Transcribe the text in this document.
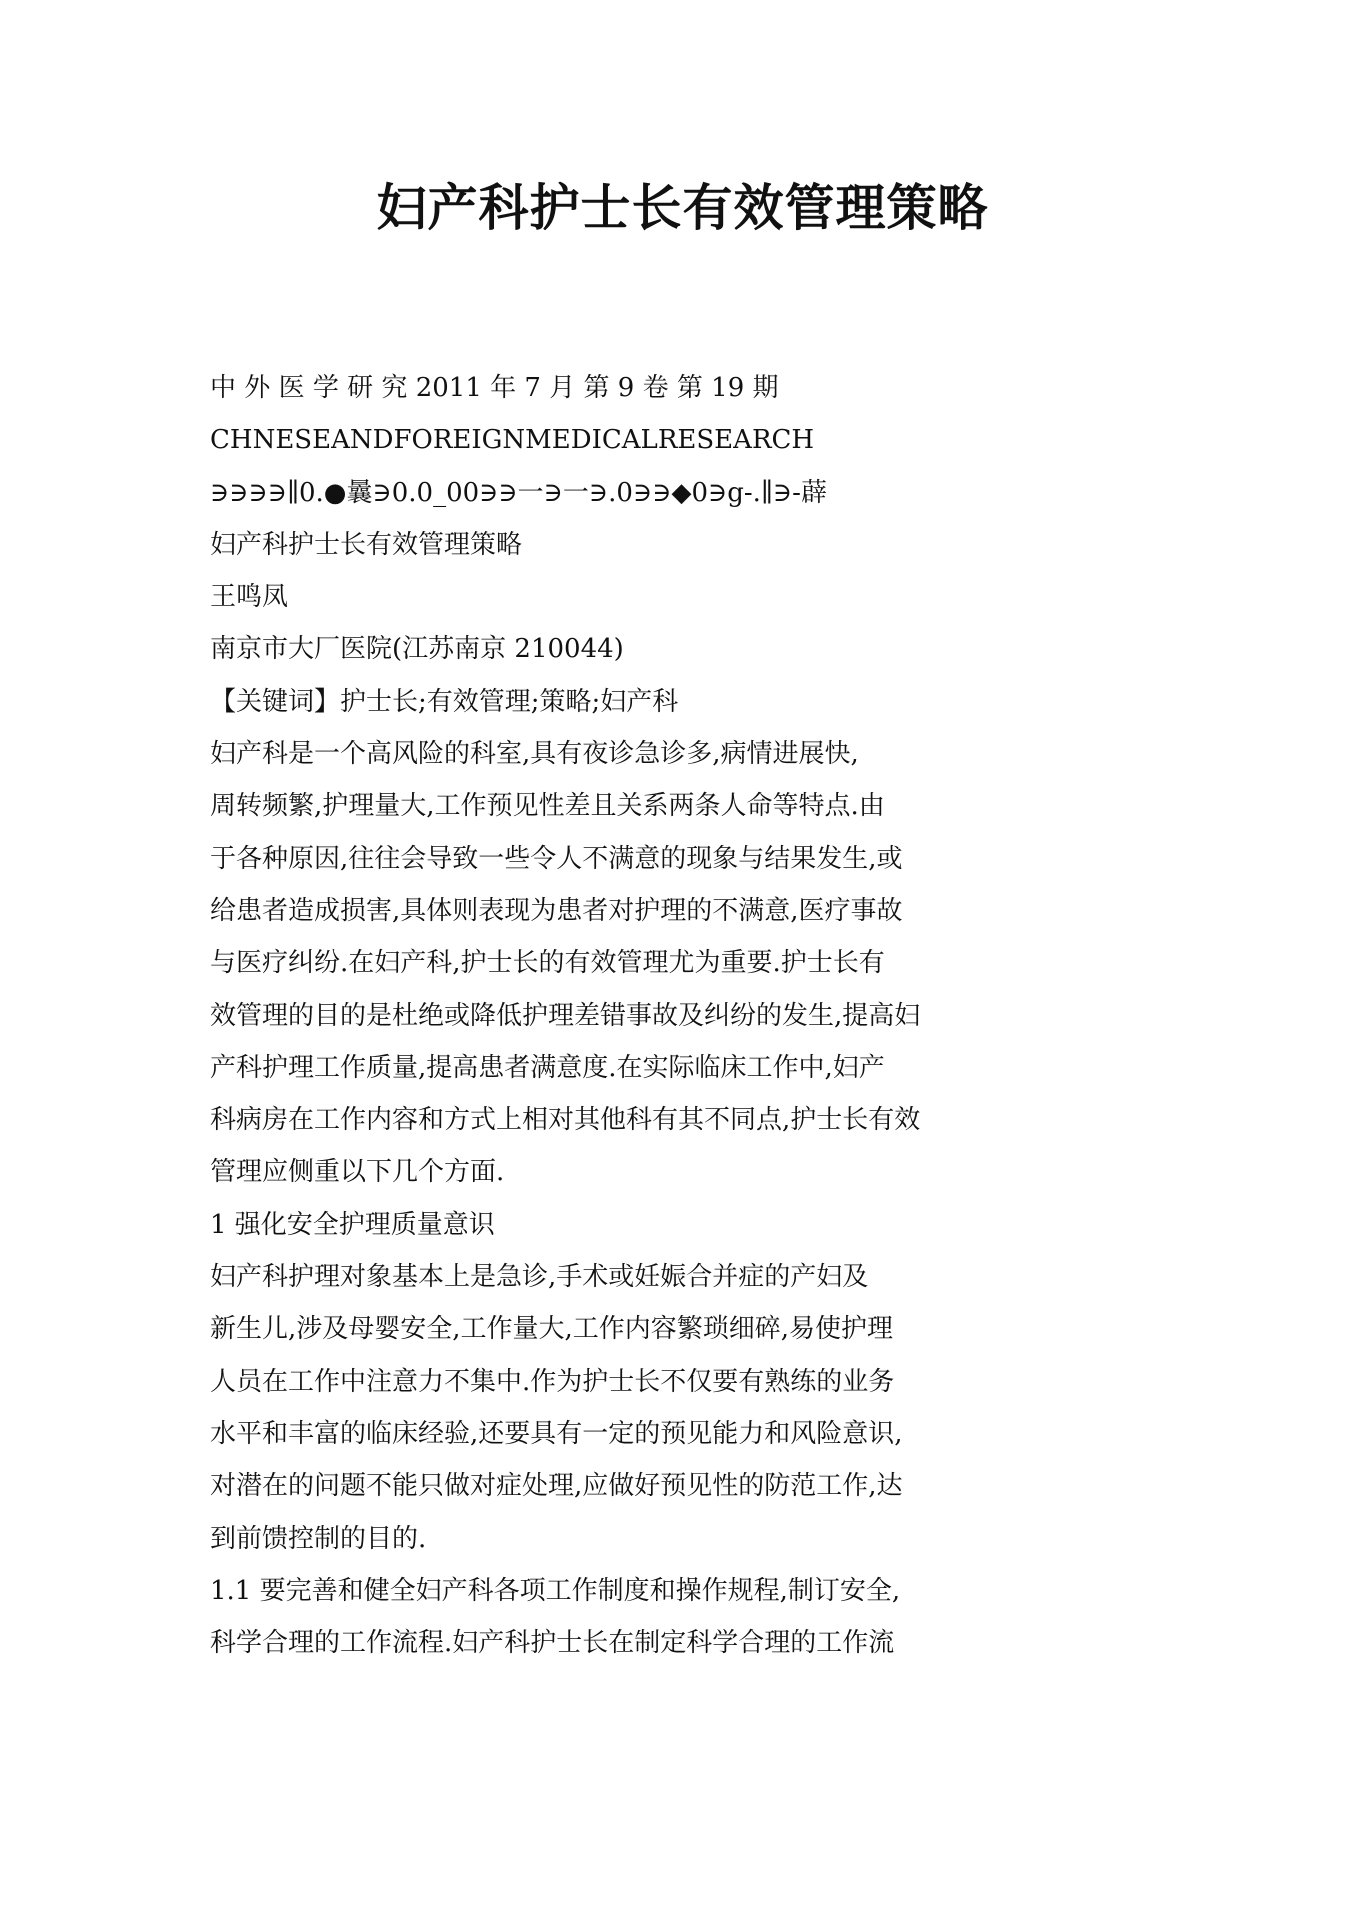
妇产科护士长有效管理策略
中 外 医 学 研 究 2011 年 7 月 第 9 卷 第 19 期
CHNESEANDFOREIGNMEDICALRESEARCH
∋∋∋∋∥0.●曩∋0.0_00∋∋一∋一∋.0∋∋◆0∋g-.∥∋-薜
妇产科护士长有效管理策略
王鸣凤
南京市大厂医院(江苏南京 210044)
【关键词】护士长;有效管理;策略;妇产科
妇产科是一个高风险的科室,具有夜诊急诊多,病情进展快,
周转频繁,护理量大,工作预见性差且关系两条人命等特点.由
于各种原因,往往会导致一些令人不满意的现象与结果发生,或
给患者造成损害,具体则表现为患者对护理的不满意,医疗事故
与医疗纠纷.在妇产科,护士长的有效管理尤为重要.护士长有
效管理的目的是杜绝或降低护理差错事故及纠纷的发生,提高妇
产科护理工作质量,提高患者满意度.在实际临床工作中,妇产
科病房在工作内容和方式上相对其他科有其不同点,护士长有效
管理应侧重以下几个方面.
1 强化安全护理质量意识
妇产科护理对象基本上是急诊,手术或妊娠合并症的产妇及
新生儿,涉及母婴安全,工作量大,工作内容繁琐细碎,易使护理
人员在工作中注意力不集中.作为护士长不仅要有熟练的业务
水平和丰富的临床经验,还要具有一定的预见能力和风险意识,
对潜在的问题不能只做对症处理,应做好预见性的防范工作,达
到前馈控制的目的.
1.1 要完善和健全妇产科各项工作制度和操作规程,制订安全,
科学合理的工作流程.妇产科护士长在制定科学合理的工作流
